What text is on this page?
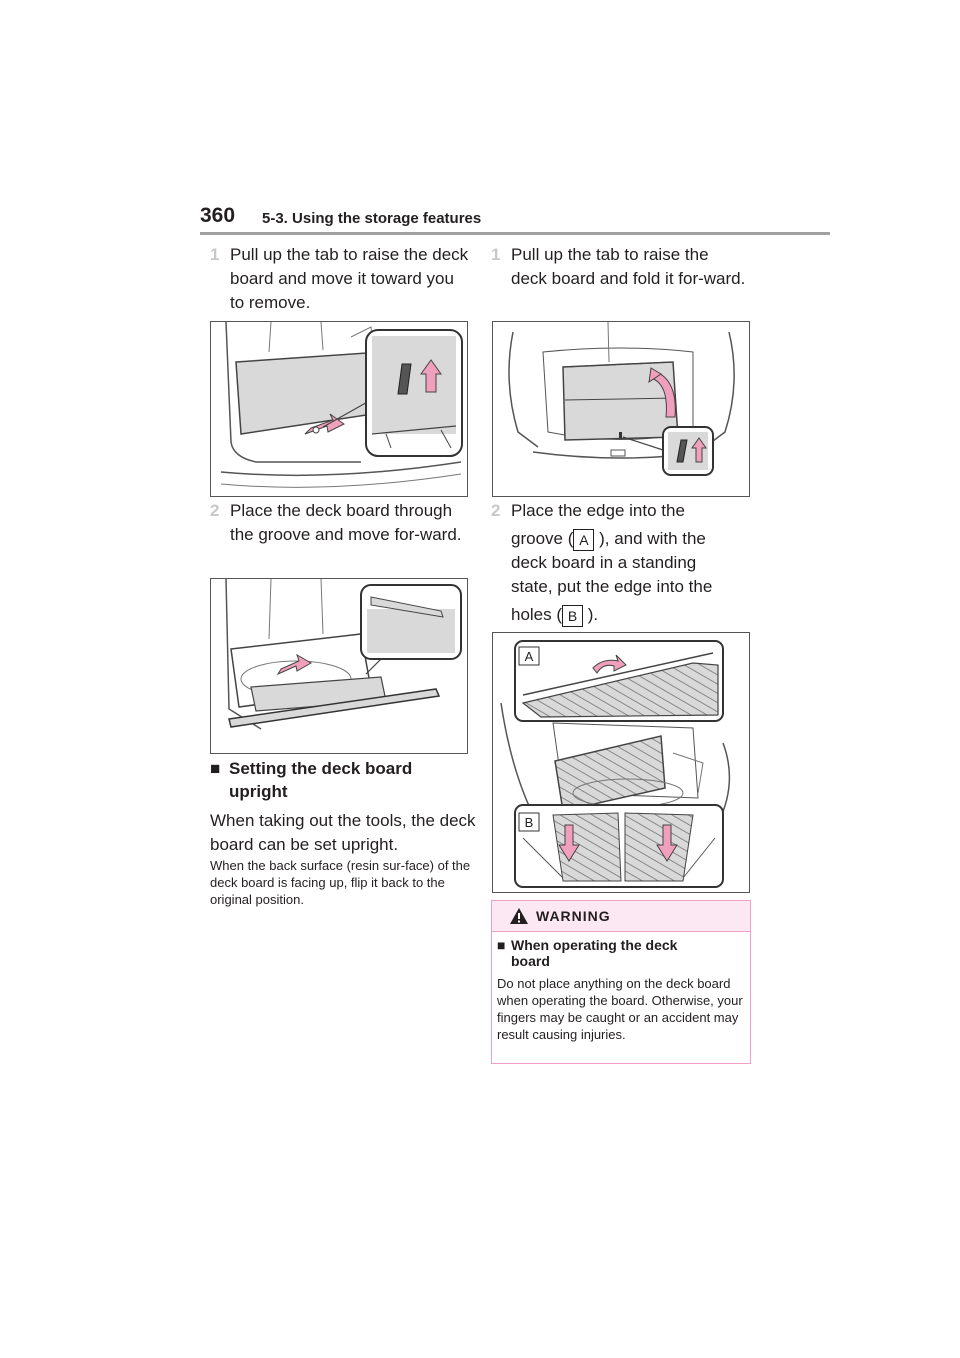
360 5-3. Using the storage features
1 Pull up the tab to raise the deck board and move it toward you to remove.
2 Place the deck board through the groove and move for-ward.
■ Setting the deck board upright
When taking out the tools, the deck board can be set upright.
When the back surface (resin sur-face) of the deck board is facing up, flip it back to the original position.
1 Pull up the tab to raise the deck board and fold it for-ward.
2 Place the edge into the
groove ( A ), and with the
deck board in a standing
state, put the edge into the
holes ( B ).
A
B
WARNING
■ When operating the deck board
Do not place anything on the deck board when operating the board. Otherwise, your fingers may be caught or an accident may result causing injuries.
